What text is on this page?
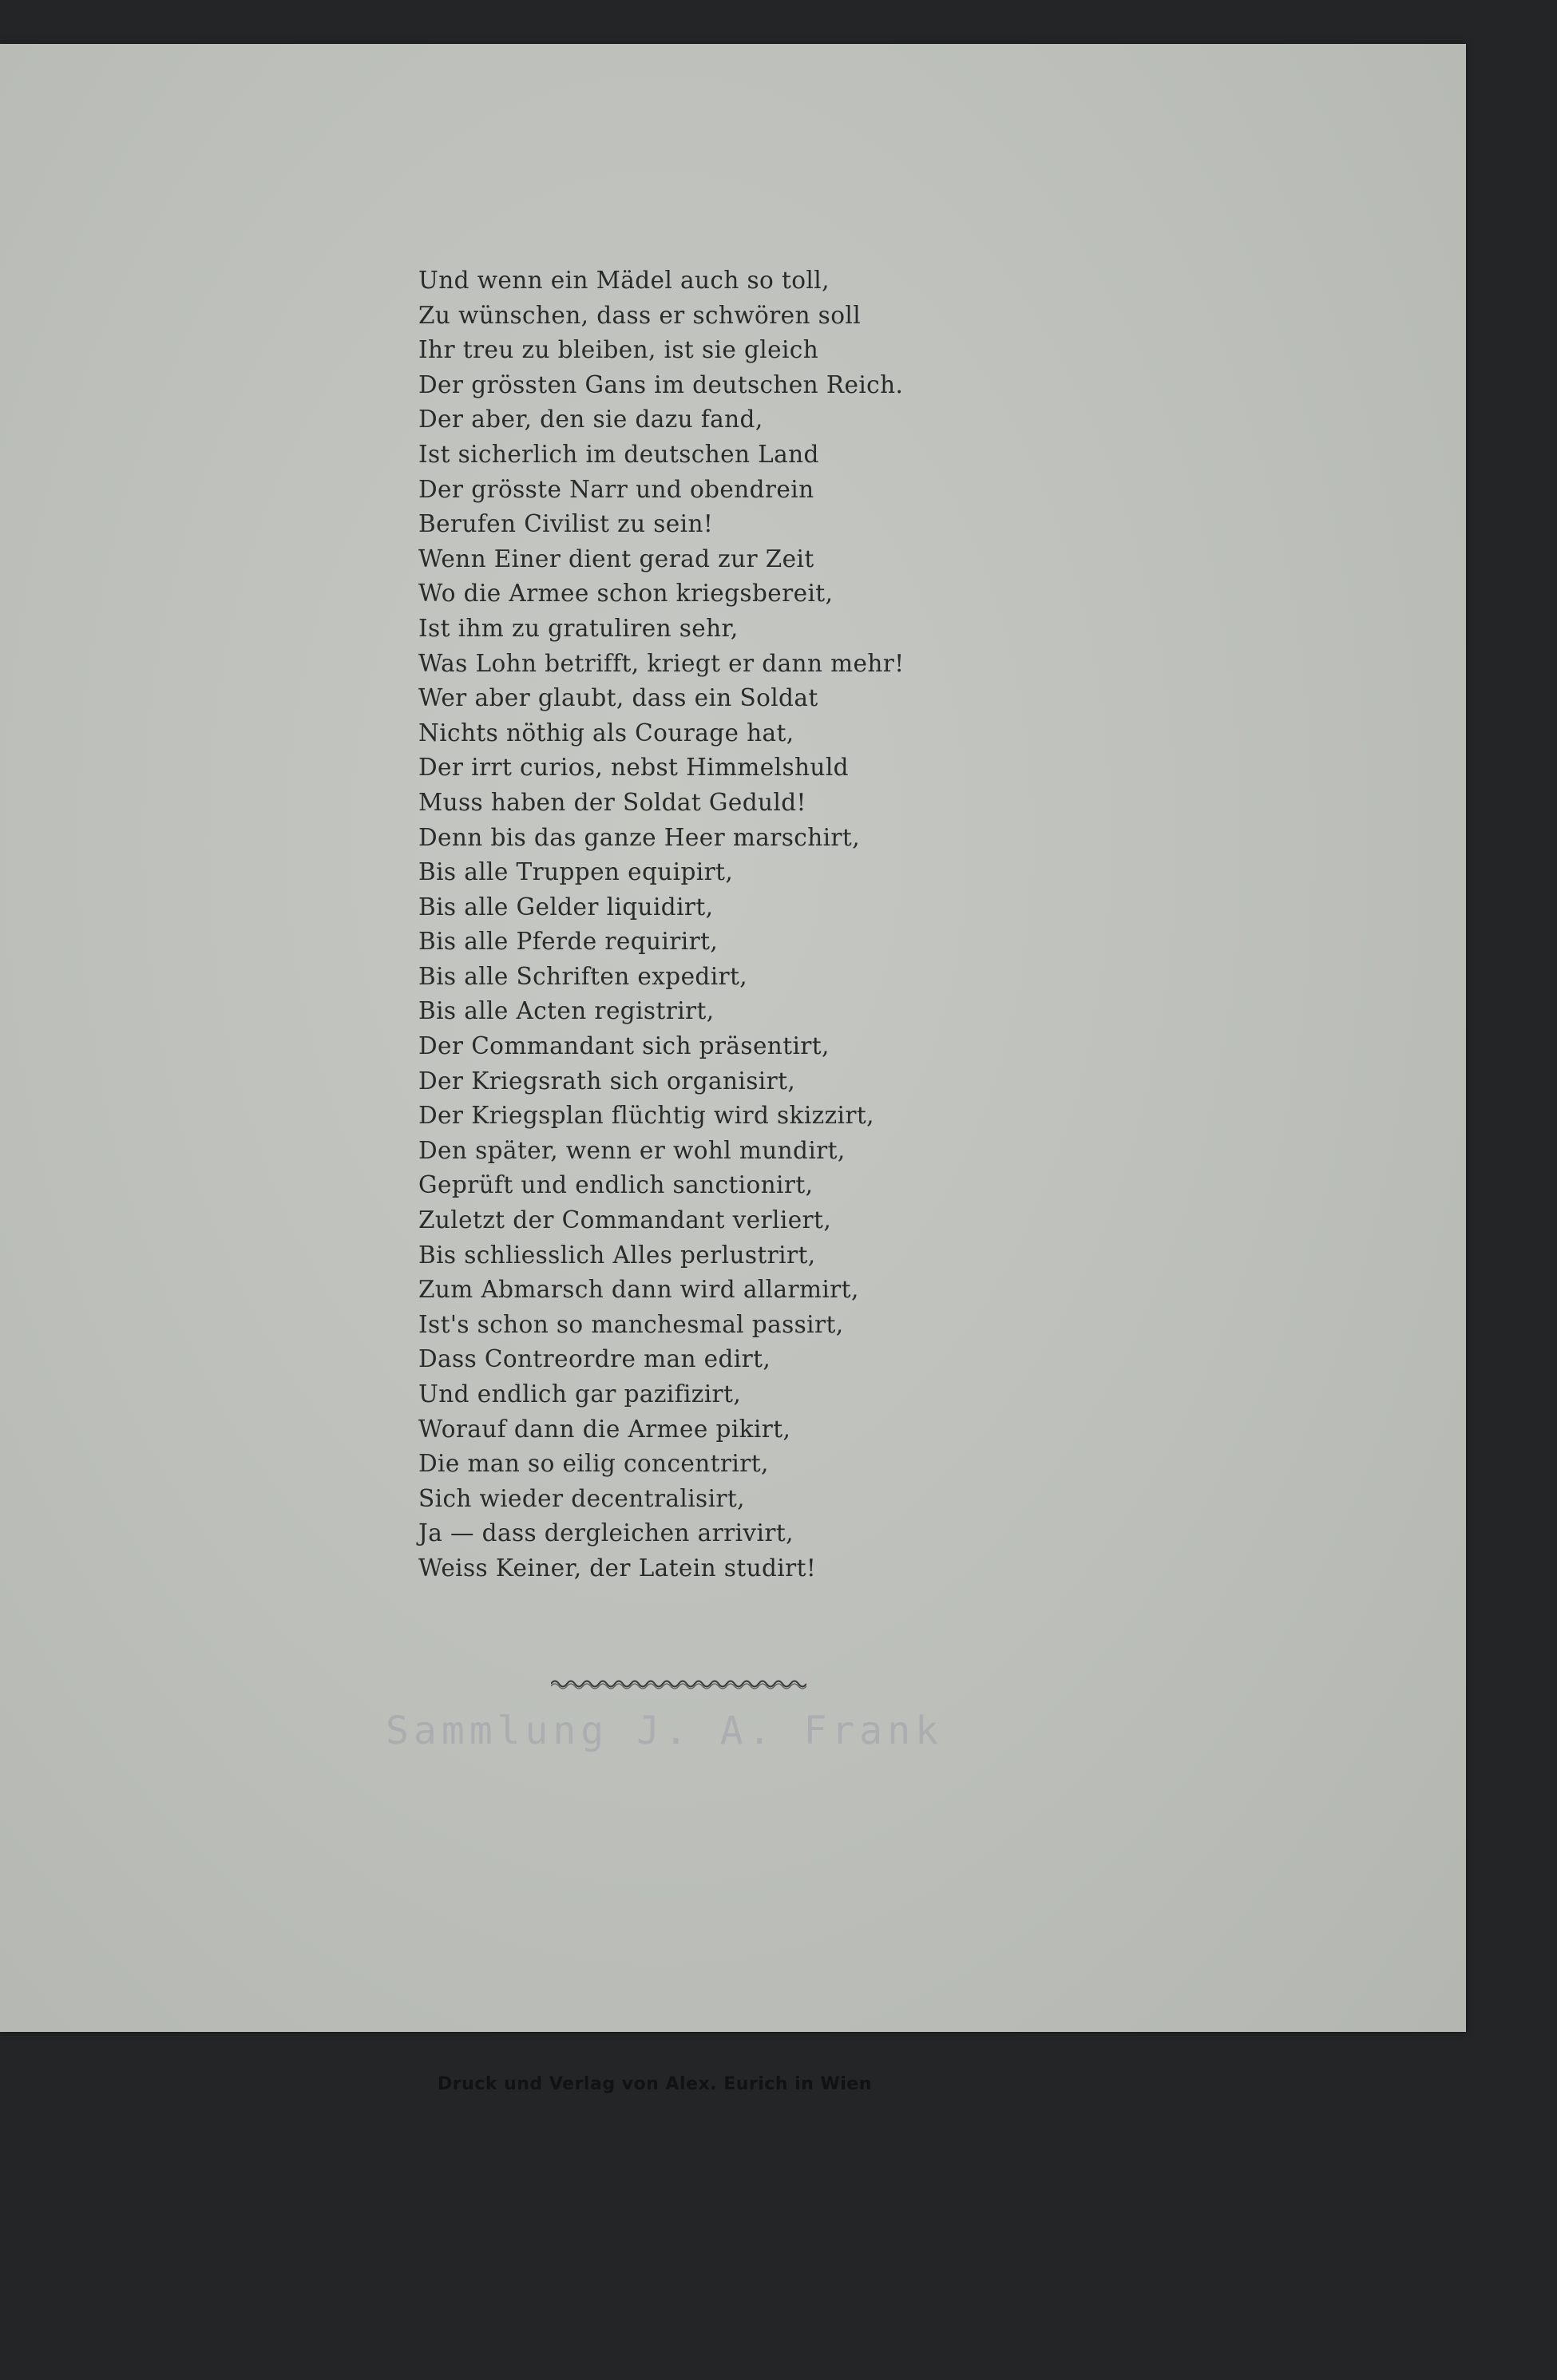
Und wenn ein Mädel auch so toll,
Zu wünschen, dass er schwören soll
Ihr treu zu bleiben, ist sie gleich
Der grössten Gans im deutschen Reich.
Der aber, den sie dazu fand,
Ist sicherlich im deutschen Land
Der grösste Narr und obendrein
Berufen Civilist zu sein!
Wenn Einer dient gerad zur Zeit
Wo die Armee schon kriegsbereit,
Ist ihm zu gratuliren sehr,
Was Lohn betrifft, kriegt er dann mehr!
Wer aber glaubt, dass ein Soldat
Nichts nöthig als Courage hat,
Der irrt curios, nebst Himmelshuld
Muss haben der Soldat Geduld!
Denn bis das ganze Heer marschirt,
Bis alle Truppen equipirt,
Bis alle Gelder liquidirt,
Bis alle Pferde requirirt,
Bis alle Schriften expedirt,
Bis alle Acten registrirt,
Der Commandant sich präsentirt,
Der Kriegsrath sich organisirt,
Der Kriegsplan flüchtig wird skizzirt,
Den später, wenn er wohl mundirt,
Geprüft und endlich sanctionirt,
Zuletzt der Commandant verliert,
Bis schliesslich Alles perlustrirt,
Zum Abmarsch dann wird allarmirt,
Ist's schon so manchesmal passirt,
Dass Contreordre man edirt,
Und endlich gar pazifizirt,
Worauf dann die Armee pikirt,
Die man so eilig concentrirt,
Sich wieder decentralisirt,
Ja — dass dergleichen arrivirt,
Weiss Keiner, der Latein studirt!
Sammlung J. A. Frank
Druck und Verlag von Alex. Eurich in Wien
